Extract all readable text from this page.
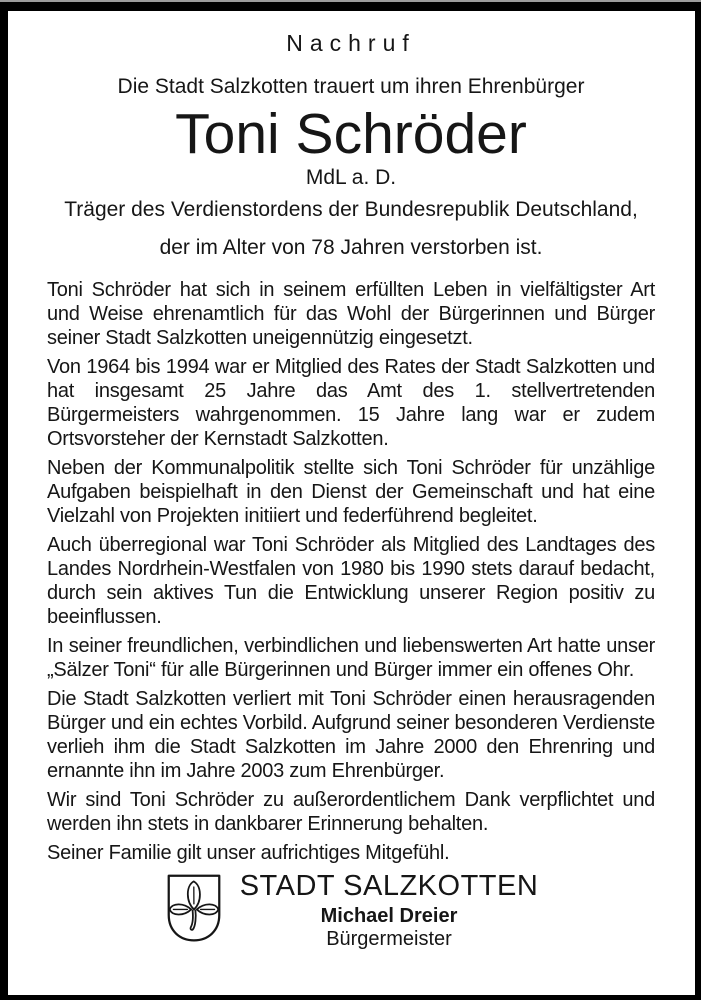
Nachruf
Die Stadt Salzkotten trauert um ihren Ehrenbürger
Toni Schröder
MdL a. D.
Träger des Verdienstordens der Bundesrepublik Deutschland,
der im Alter von 78 Jahren verstorben ist.

Toni Schröder hat sich in seinem erfüllten Leben in vielfältigster Art und Weise ehrenamtlich für das Wohl der Bürgerinnen und Bürger seiner Stadt Salzkotten uneigennützig eingesetzt.

Von 1964 bis 1994 war er Mitglied des Rates der Stadt Salzkotten und hat insgesamt 25 Jahre das Amt des 1. stellvertretenden Bürgermeisters wahrgenommen. 15 Jahre lang war er zudem Ortsvorsteher der Kernstadt Salzkotten.

Neben der Kommunalpolitik stellte sich Toni Schröder für unzählige Aufgaben beispielhaft in den Dienst der Gemeinschaft und hat eine Vielzahl von Projekten initiiert und federführend begleitet.

Auch überregional war Toni Schröder als Mitglied des Landtages des Landes Nordrhein-Westfalen von 1980 bis 1990 stets darauf bedacht, durch sein aktives Tun die Entwicklung unserer Region positiv zu beeinflussen.

In seiner freundlichen, verbindlichen und liebenswerten Art hatte unser „Sälzer Toni“ für alle Bürgerinnen und Bürger immer ein offenes Ohr.

Die Stadt Salzkotten verliert mit Toni Schröder einen herausragenden Bürger und ein echtes Vorbild. Aufgrund seiner besonderen Verdienste verlieh ihm die Stadt Salzkotten im Jahre 2000 den Ehrenring und ernannte ihn im Jahre 2003 zum Ehrenbürger.

Wir sind Toni Schröder zu außerordentlichem Dank verpflichtet und werden ihn stets in dankbarer Erinnerung behalten.

Seiner Familie gilt unser aufrichtiges Mitgefühl.

STADT SALZKOTTEN
Michael Dreier
Bürgermeister
